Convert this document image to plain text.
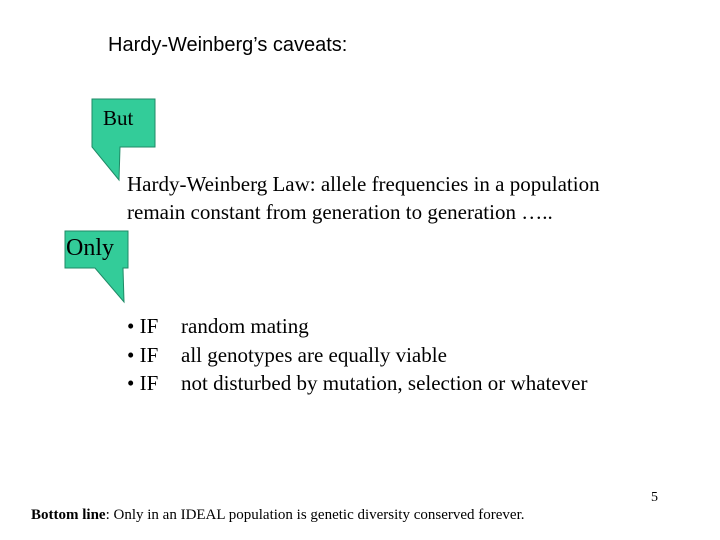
Hardy-Weinberg’s caveats:
But
Only
Hardy-Weinberg Law: allele frequencies in a population
remain constant from generation to generation …..
• IF	random mating
• IF	all genotypes are equally viable
• IF	not disturbed by mutation, selection or whatever
Bottom line: Only in an IDEAL population is genetic diversity conserved forever.
5
